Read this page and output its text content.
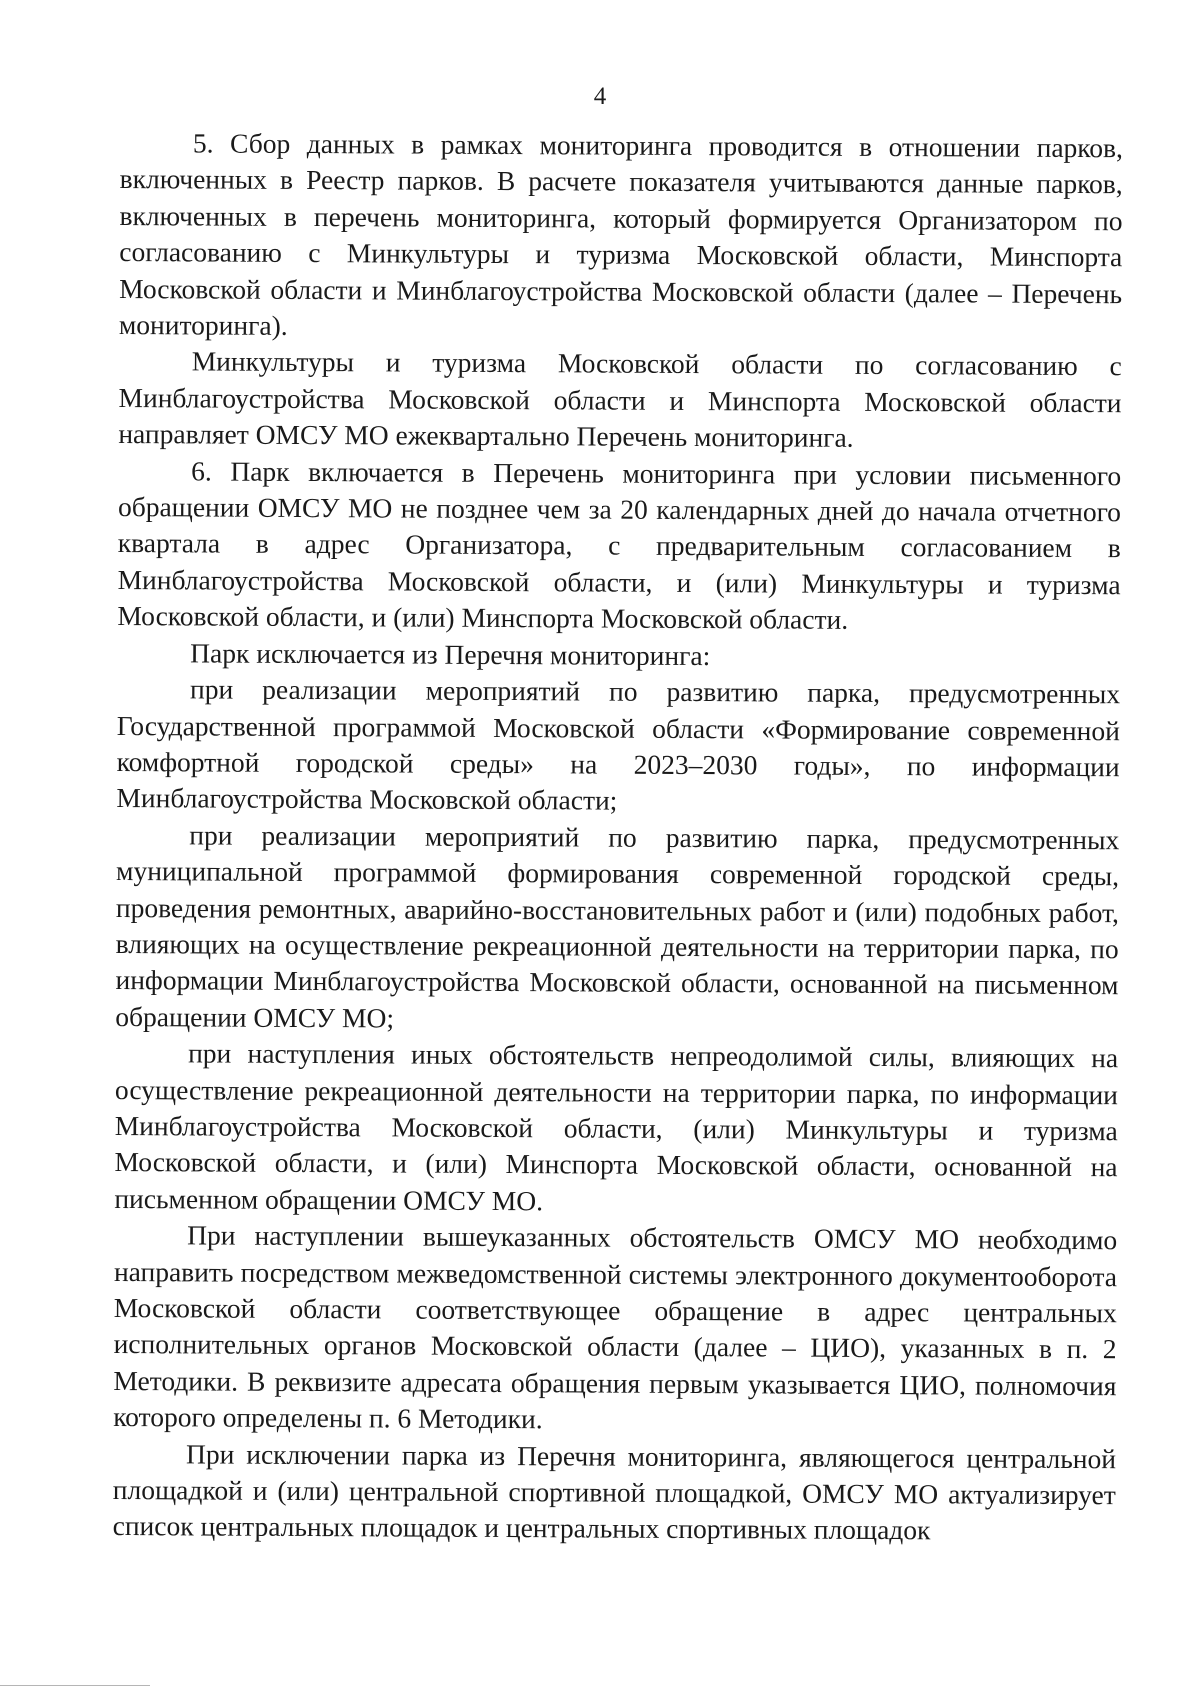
4

5. Сбор данных в рамках мониторинга проводится в отношении парков, включенных в Реестр парков. В расчете показателя учитываются данные парков, включенных в перечень мониторинга, который формируется Организатором по согласованию с Минкультуры и туризма Московской области, Минспорта Московской области и Минблагоустройства Московской области (далее – Перечень мониторинга).

Минкультуры и туризма Московской области по согласованию с Минблагоустройства Московской области и Минспорта Московской области направляет ОМСУ МО ежеквартально Перечень мониторинга.

6. Парк включается в Перечень мониторинга при условии письменного обращении ОМСУ МО не позднее чем за 20 календарных дней до начала отчетного квартала в адрес Организатора, с предварительным согласованием в Минблагоустройства Московской области, и (или) Минкультуры и туризма Московской области, и (или) Минспорта Московской области.

Парк исключается из Перечня мониторинга:

при реализации мероприятий по развитию парка, предусмотренных Государственной программой Московской области «Формирование современной комфортной городской среды» на 2023–2030 годы», по информации Минблагоустройства Московской области;

при реализации мероприятий по развитию парка, предусмотренных муниципальной программой формирования современной городской среды, проведения ремонтных, аварийно-восстановительных работ и (или) подобных работ, влияющих на осуществление рекреационной деятельности на территории парка, по информации Минблагоустройства Московской области, основанной на письменном обращении ОМСУ МО;

при наступления иных обстоятельств непреодолимой силы, влияющих на осуществление рекреационной деятельности на территории парка, по информации Минблагоустройства Московской области, (или) Минкультуры и туризма Московской области, и (или) Минспорта Московской области, основанной на письменном обращении ОМСУ МО.

При наступлении вышеуказанных обстоятельств ОМСУ МО необходимо направить посредством межведомственной системы электронного документооборота Московской области соответствующее обращение в адрес центральных исполнительных органов Московской области (далее – ЦИО), указанных в п. 2 Методики. В реквизите адресата обращения первым указывается ЦИО, полномочия которого определены п. 6 Методики.

При исключении парка из Перечня мониторинга, являющегося центральной площадкой и (или) центральной спортивной площадкой, ОМСУ МО актуализирует список центральных площадок и центральных спортивных площадок
